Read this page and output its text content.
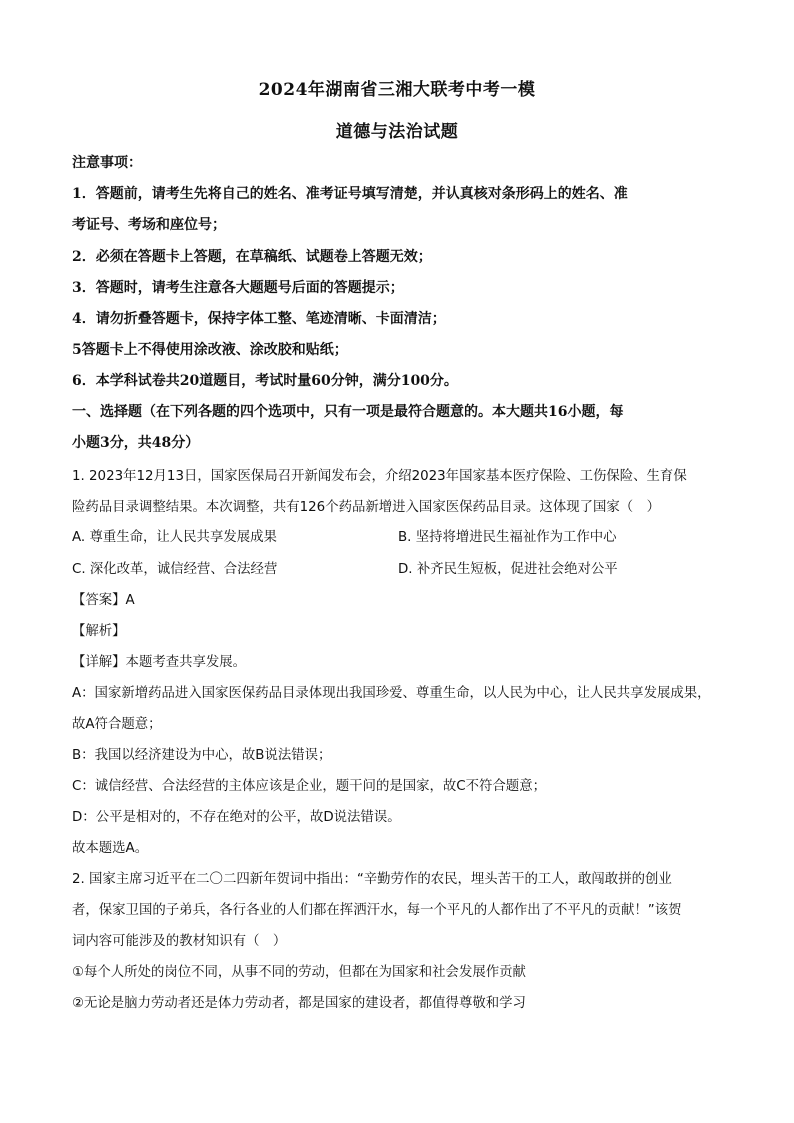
2024年湖南省三湘大联考中考一模
道德与法治试题
注意事项：
1．答题前，请考生先将自己的姓名、准考证号填写清楚，并认真核对条形码上的姓名、准
考证号、考场和座位号；
2．必须在答题卡上答题，在草稿纸、试题卷上答题无效；
3．答题时，请考生注意各大题题号后面的答题提示；
4．请勿折叠答题卡，保持字体工整、笔迹清晰、卡面清洁；
5答题卡上不得使用涂改液、涂改胶和贴纸；
6．本学科试卷共20道题目，考试时量60分钟，满分100分。
一、选择题（在下列各题的四个选项中，只有一项是最符合题意的。本大题共16小题，每
小题3分，共48分）
1. 2023年12月13日，国家医保局召开新闻发布会，介绍2023年国家基本医疗保险、工伤保险、生育保
险药品目录调整结果。本次调整，共有126个药品新增进入国家医保药品目录。这体现了国家（　）
A. 尊重生命，让人民共享发展成果	B. 坚持将增进民生福祉作为工作中心
C. 深化改革，诚信经营、合法经营	D. 补齐民生短板，促进社会绝对公平
【答案】A
【解析】
【详解】本题考查共享发展。
A：国家新增药品进入国家医保药品目录体现出我国珍爱、尊重生命，以人民为中心，让人民共享发展成果，
故A符合题意；
B：我国以经济建设为中心，故B说法错误；
C：诚信经营、合法经营的主体应该是企业，题干问的是国家，故C不符合题意；
D：公平是相对的，不存在绝对的公平，故D说法错误。
故本题选A。
2. 国家主席习近平在二〇二四新年贺词中指出：“辛勤劳作的农民，埋头苦干的工人，敢闯敢拼的创业
者，保家卫国的子弟兵，各行各业的人们都在挥洒汗水，每一个平凡的人都作出了不平凡的贡献！”该贺
词内容可能涉及的教材知识有（　）
①每个人所处的岗位不同，从事不同的劳动，但都在为国家和社会发展作贡献
②无论是脑力劳动者还是体力劳动者，都是国家的建设者，都值得尊敬和学习
